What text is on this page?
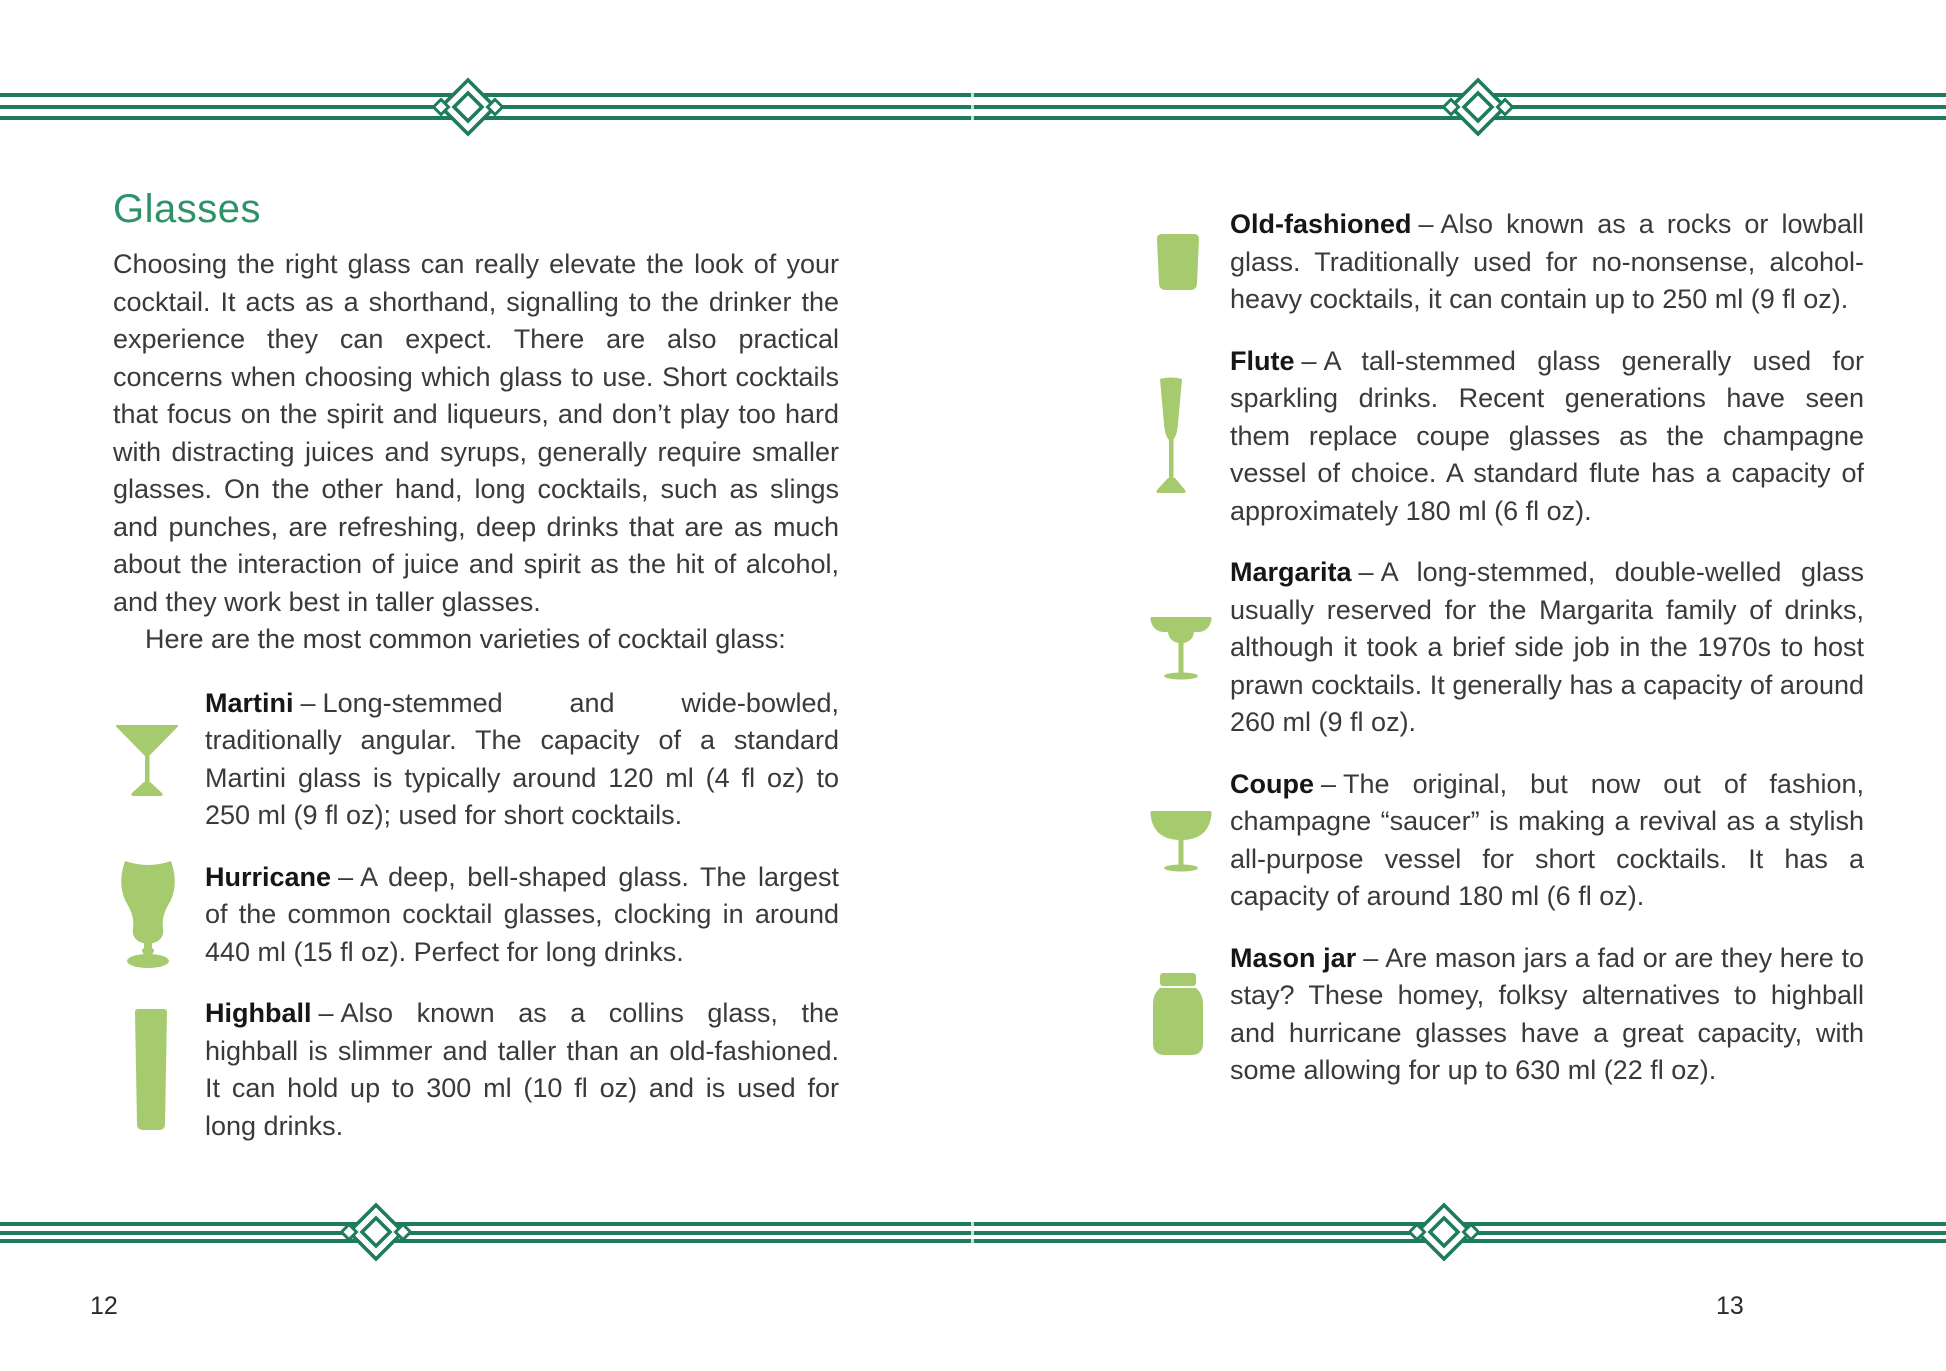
Glasses

Choosing the right glass can really elevate the look of your cocktail. It acts as a shorthand, signalling to the drinker the experience they can expect. There are also practical concerns when choosing which glass to use. Short cocktails that focus on the spirit and liqueurs, and don’t play too hard with distracting juices and syrups, generally require smaller glasses. On the other hand, long cocktails, such as slings and punches, are refreshing, deep drinks that are as much about the interaction of juice and spirit as the hit of alcohol, and they work best in taller glasses.

Here are the most common varieties of cocktail glass:

Martini – Long-stemmed and wide-bowled, traditionally angular. The capacity of a standard Martini glass is typically around 120 ml (4 fl oz) to 250 ml (9 fl oz); used for short cocktails.

Hurricane – A deep, bell-shaped glass. The largest of the common cocktail glasses, clocking in around 440 ml (15 fl oz). Perfect for long drinks.

Highball – Also known as a collins glass, the highball is slimmer and taller than an old-fashioned. It can hold up to 300 ml (10 fl oz) and is used for long drinks.

Old-fashioned – Also known as a rocks or lowball glass. Traditionally used for no-nonsense, alcohol-heavy cocktails, it can contain up to 250 ml (9 fl oz).

Flute – A tall-stemmed glass generally used for sparkling drinks. Recent generations have seen them replace coupe glasses as the champagne vessel of choice. A standard flute has a capacity of approximately 180 ml (6 fl oz).

Margarita – A long-stemmed, double-welled glass usually reserved for the Margarita family of drinks, although it took a brief side job in the 1970s to host prawn cocktails. It generally has a capacity of around 260 ml (9 fl oz).

Coupe – The original, but now out of fashion, champagne “saucer” is making a revival as a stylish all-purpose vessel for short cocktails. It has a capacity of around 180 ml (6 fl oz).

Mason jar – Are mason jars a fad or are they here to stay? These homey, folksy alternatives to highball and hurricane glasses have a great capacity, with some allowing for up to 630 ml (22 fl oz).

12	13
